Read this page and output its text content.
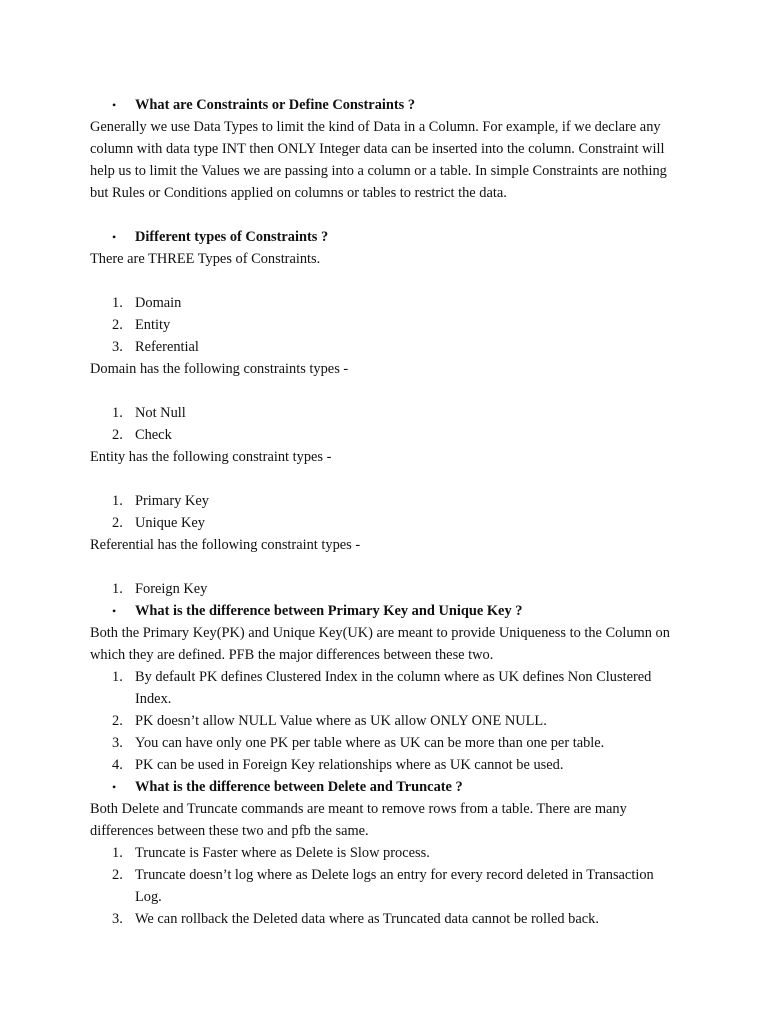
• What are Constraints or Define Constraints ?
Generally we use Data Types to limit the kind of Data in a Column. For example, if we declare any
column with data type INT then ONLY Integer data can be inserted into the column. Constraint will
help us to limit the Values we are passing into a column or a table. In simple Constraints are nothing
but Rules or Conditions applied on columns or tables to restrict the data.
• Different types of Constraints ?
There are THREE Types of Constraints.
1. Domain
2. Entity
3. Referential
Domain has the following constraints types -
1. Not Null
2. Check
Entity has the following constraint types -
1. Primary Key
2. Unique Key
Referential has the following constraint types -
1. Foreign Key
• What is the difference between Primary Key and Unique Key ?
Both the Primary Key(PK) and Unique Key(UK) are meant to provide Uniqueness to the Column on
which they are defined. PFB the major differences between these two.
1. By default PK defines Clustered Index in the column where as UK defines Non Clustered
Index.
2. PK doesn’t allow NULL Value where as UK allow ONLY ONE NULL.
3. You can have only one PK per table where as UK can be more than one per table.
4. PK can be used in Foreign Key relationships where as UK cannot be used.
• What is the difference between Delete and Truncate ?
Both Delete and Truncate commands are meant to remove rows from a table. There are many
differences between these two and pfb the same.
1. Truncate is Faster where as Delete is Slow process.
2. Truncate doesn’t log where as Delete logs an entry for every record deleted in Transaction
Log.
3. We can rollback the Deleted data where as Truncated data cannot be rolled back.
